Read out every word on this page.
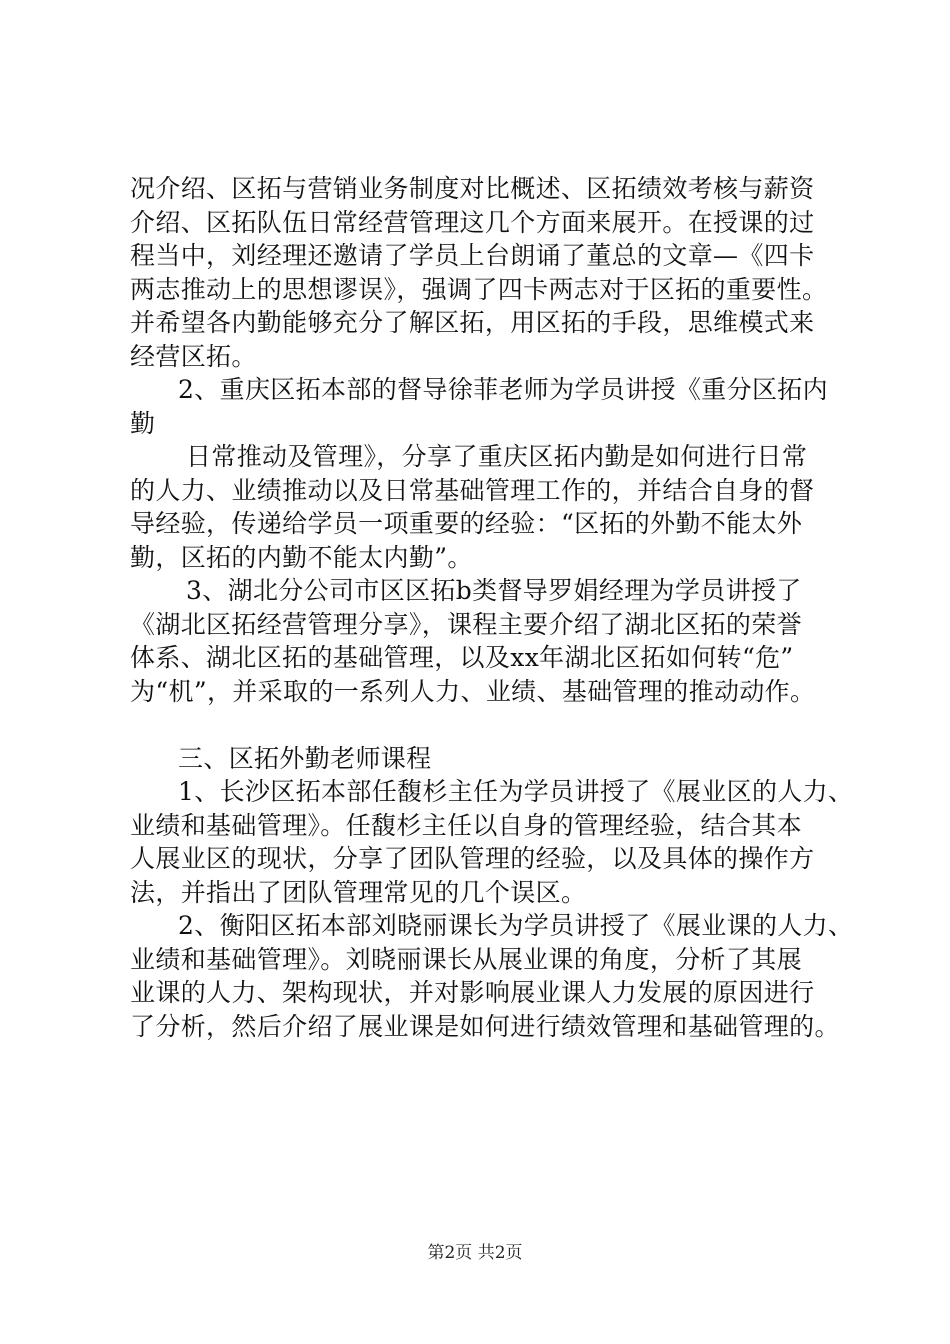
况介绍、区拓与营销业务制度对比概述、区拓绩效考核与薪资
介绍、区拓队伍日常经营管理这几个方面来展开。在授课的过
程当中，刘经理还邀请了学员上台朗诵了董总的文章—《四卡
两志推动上的思想谬误》，强调了四卡两志对于区拓的重要性。
并希望各内勤能够充分了解区拓，用区拓的手段，思维模式来
经营区拓。
2、重庆区拓本部的督导徐菲老师为学员讲授《重分区拓内
勤
日常推动及管理》，分享了重庆区拓内勤是如何进行日常
的人力、业绩推动以及日常基础管理工作的，并结合自身的督
导经验，传递给学员一项重要的经验：“区拓的外勤不能太外
勤，区拓的内勤不能太内勤”。
3、湖北分公司市区区拓b类督导罗娟经理为学员讲授了
《湖北区拓经营管理分享》，课程主要介绍了湖北区拓的荣誉
体系、湖北区拓的基础管理，以及xx年湖北区拓如何转“危”
为“机”，并采取的一系列人力、业绩、基础管理的推动动作。
三、区拓外勤老师课程
1、长沙区拓本部任馥杉主任为学员讲授了《展业区的人力、
业绩和基础管理》。任馥杉主任以自身的管理经验，结合其本
人展业区的现状，分享了团队管理的经验，以及具体的操作方
法，并指出了团队管理常见的几个误区。
2、衡阳区拓本部刘晓丽课长为学员讲授了《展业课的人力、
业绩和基础管理》。刘晓丽课长从展业课的角度，分析了其展
业课的人力、架构现状，并对影响展业课人力发展的原因进行
了分析，然后介绍了展业课是如何进行绩效管理和基础管理的。
第2页 共2页
